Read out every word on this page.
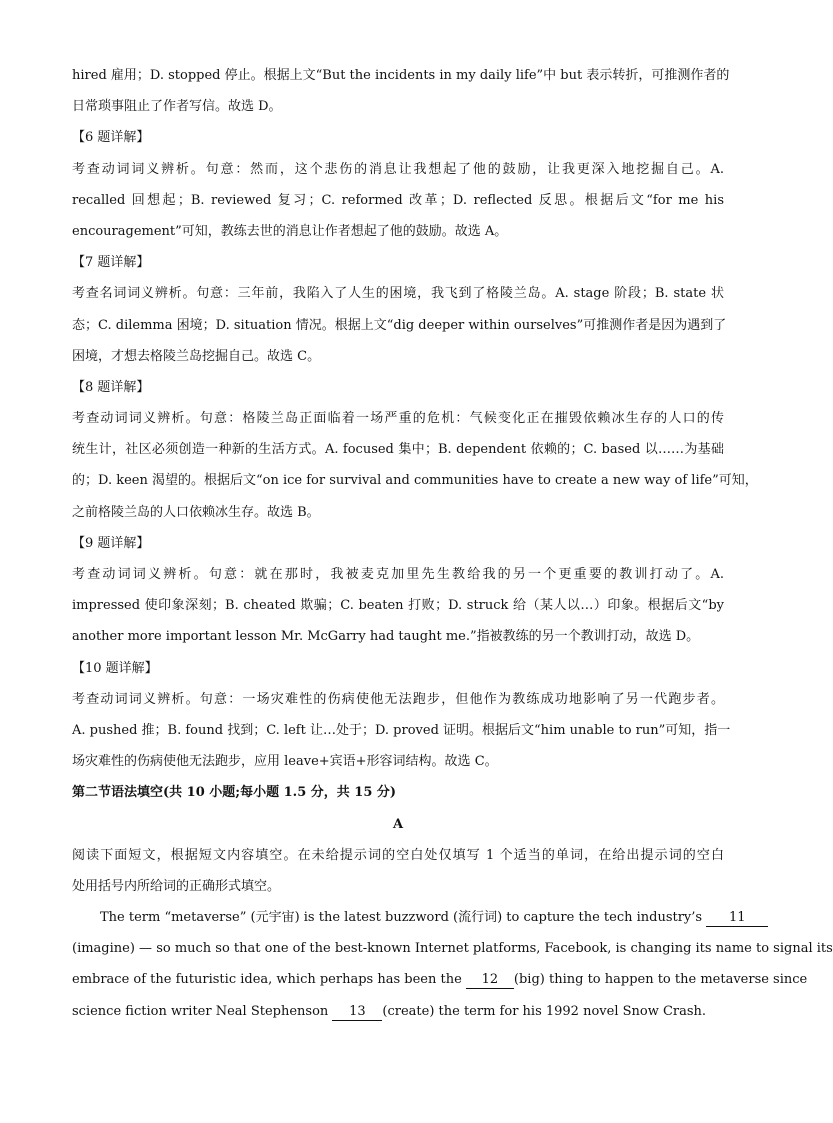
hired 雇用；D. stopped 停止。根据上文“But the incidents in my daily life”中 but 表示转折，可推测作者的
日常琐事阻止了作者写信。故选 D。
【6 题详解】
考查动词词义辨析。句意：然而，这个悲伤的消息让我想起了他的鼓励，让我更深入地挖掘自己。A.
recalled 回想起；B. reviewed 复习；C. reformed 改革；D. reflected 反思。根据后文“for me his
encouragement”可知，教练去世的消息让作者想起了他的鼓励。故选 A。
【7 题详解】
考查名词词义辨析。句意：三年前，我陷入了人生的困境，我飞到了格陵兰岛。A. stage 阶段；B. state 状
态；C. dilemma 困境；D. situation 情况。根据上文“dig deeper within ourselves”可推测作者是因为遇到了
困境，才想去格陵兰岛挖掘自己。故选 C。
【8 题详解】
考查动词词义辨析。句意：格陵兰岛正面临着一场严重的危机：气候变化正在摧毁依赖冰生存的人口的传
统生计，社区必须创造一种新的生活方式。A. focused 集中；B. dependent 依赖的；C. based 以……为基础
的；D. keen 渴望的。根据后文“on ice for survival and communities have to create a new way of life”可知，
之前格陵兰岛的人口依赖冰生存。故选 B。
【9 题详解】
考查动词词义辨析。句意：就在那时，我被麦克加里先生教给我的另一个更重要的教训打动了。A.
impressed 使印象深刻；B. cheated 欺骗；C. beaten 打败；D. struck 给（某人以…）印象。根据后文“by
another more important lesson Mr. McGarry had taught me.”指被教练的另一个教训打动，故选 D。
【10 题详解】
考查动词词义辨析。句意：一场灾难性的伤病使他无法跑步，但他作为教练成功地影响了另一代跑步者。
A. pushed 推；B. found 找到；C. left 让…处于；D. proved 证明。根据后文“him unable to run”可知，指一
场灾难性的伤病使他无法跑步，应用 leave+宾语+形容词结构。故选 C。
第二节语法填空(共 10 小题;每小题 1.5 分，共 15 分)
A
阅读下面短文，根据短文内容填空。在未给提示词的空白处仅填写 1 个适当的单词，在给出提示词的空白
处用括号内所给词的正确形式填空。
The term “metaverse” (元宇宙) is the latest buzzword (流行词) to capture the tech industry’s 11
(imagine) — so much so that one of the best-known Internet platforms, Facebook, is changing its name to signal its
embrace of the futuristic idea, which perhaps has been the 12 (big) thing to happen to the metaverse since
science fiction writer Neal Stephenson 13 (create) the term for his 1992 novel Snow Crash.
